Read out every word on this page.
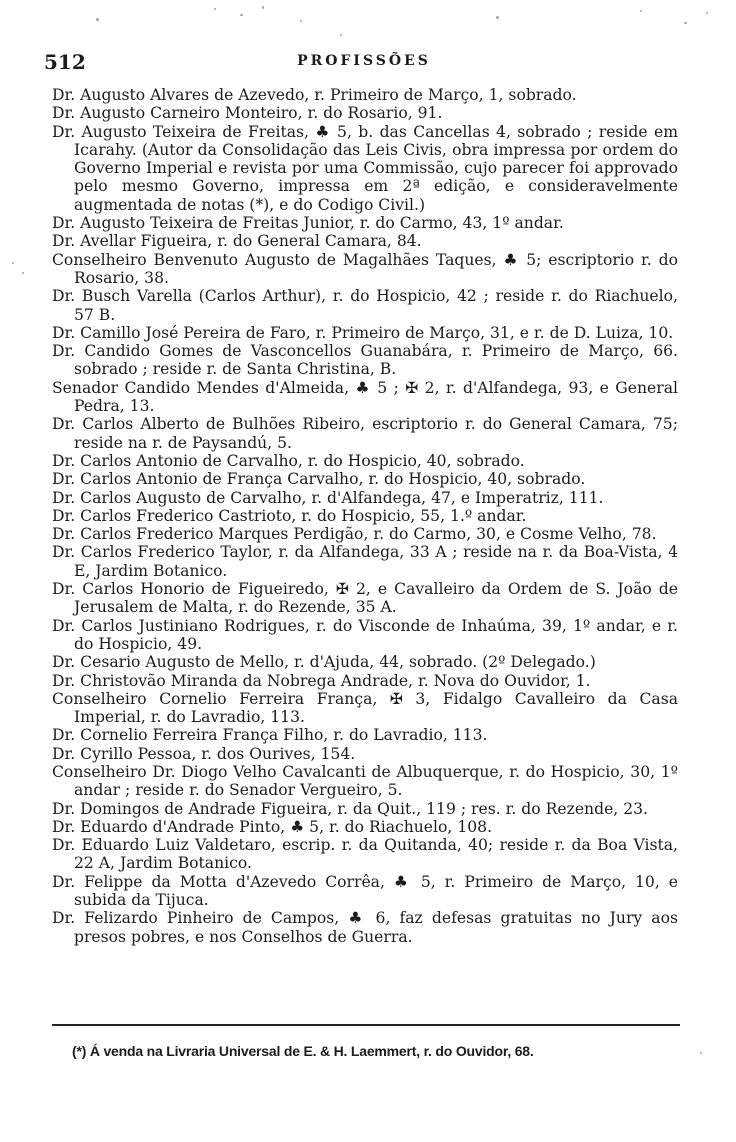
512	PROFISSÕES

Dr. Augusto Alvares de Azevedo, r. Primeiro de Março, 1, sobrado.

Dr. Augusto Carneiro Monteiro, r. do Rosario, 91.

Dr. Augusto Teixeira de Freitas, ♣ 5, b. das Cancellas 4, sobrado ; reside em Icarahy. (Autor da Consolidação das Leis Civis, obra impressa por ordem do Governo Imperial e revista por uma Commissão, cujo parecer foi approvado pelo mesmo Governo, impressa em 2ª edição, e consideravelmente augmentada de notas (*), e do Codigo Civil.)

Dr. Augusto Teixeira de Freitas Junior, r. do Carmo, 43, 1º andar.

Dr. Avellar Figueira, r. do General Camara, 84.

Conselheiro Benvenuto Augusto de Magalhães Taques, ♣ 5; escriptorio r. do Rosario, 38.

Dr. Busch Varella (Carlos Arthur), r. do Hospicio, 42 ; reside r. do Riachuelo, 57 B.

Dr. Camillo José Pereira de Faro, r. Primeiro de Março, 31, e r. de D. Luiza, 10.

Dr. Candido Gomes de Vasconcellos Guanabára, r. Primeiro de Março, 66. sobrado ; reside r. de Santa Christina, B.

Senador Candido Mendes d'Almeida, ♣ 5 ; ✠ 2, r. d'Alfandega, 93, e General Pedra, 13.

Dr. Carlos Alberto de Bulhões Ribeiro, escriptorio r. do General Camara, 75; reside na r. de Paysandú, 5.

Dr. Carlos Antonio de Carvalho, r. do Hospicio, 40, sobrado.

Dr. Carlos Antonio de França Carvalho, r. do Hospicio, 40, sobrado.

Dr. Carlos Augusto de Carvalho, r. d'Alfandega, 47, e Imperatriz, 111.

Dr. Carlos Frederico Castrioto, r. do Hospicio, 55, 1.º andar.

Dr. Carlos Frederico Marques Perdigão, r. do Carmo, 30, e Cosme Velho, 78.

Dr. Carlos Frederico Taylor, r. da Alfandega, 33 A ; reside na r. da Boa-Vista, 4 E, Jardim Botanico.

Dr. Carlos Honorio de Figueiredo, ✠ 2, e Cavalleiro da Ordem de S. João de Jerusalem de Malta, r. do Rezende, 35 A.

Dr. Carlos Justiniano Rodrigues, r. do Visconde de Inhaúma, 39, 1º andar, e r. do Hospicio, 49.

Dr. Cesario Augusto de Mello, r. d'Ajuda, 44, sobrado. (2º Delegado.)

Dr. Christovão Miranda da Nobrega Andrade, r. Nova do Ouvidor, 1.

Conselheiro Cornelio Ferreira França, ✠ 3, Fidalgo Cavalleiro da Casa Imperial, r. do Lavradio, 113.

Dr. Cornelio Ferreira França Filho, r. do Lavradio, 113.

Dr. Cyrillo Pessoa, r. dos Ourives, 154.

Conselheiro Dr. Diogo Velho Cavalcanti de Albuquerque, r. do Hospicio, 30, 1º andar ; reside r. do Senador Vergueiro, 5.

Dr. Domingos de Andrade Figueira, r. da Quit., 119 ; res. r. do Rezende, 23.

Dr. Eduardo d'Andrade Pinto, ♣ 5, r. do Riachuelo, 108.

Dr. Eduardo Luiz Valdetaro, escrip. r. da Quitanda, 40; reside r. da Boa Vista, 22 A, Jardim Botanico.

Dr. Felippe da Motta d'Azevedo Corrêa, ♣ 5, r. Primeiro de Março, 10, e subida da Tijuca.

Dr. Felizardo Pinheiro de Campos, ♣ 6, faz defesas gratuitas no Jury aos presos pobres, e nos Conselhos de Guerra.

(*) Á venda na Livraria Universal de E. & H. Laemmert, r. do Ouvidor, 68.
